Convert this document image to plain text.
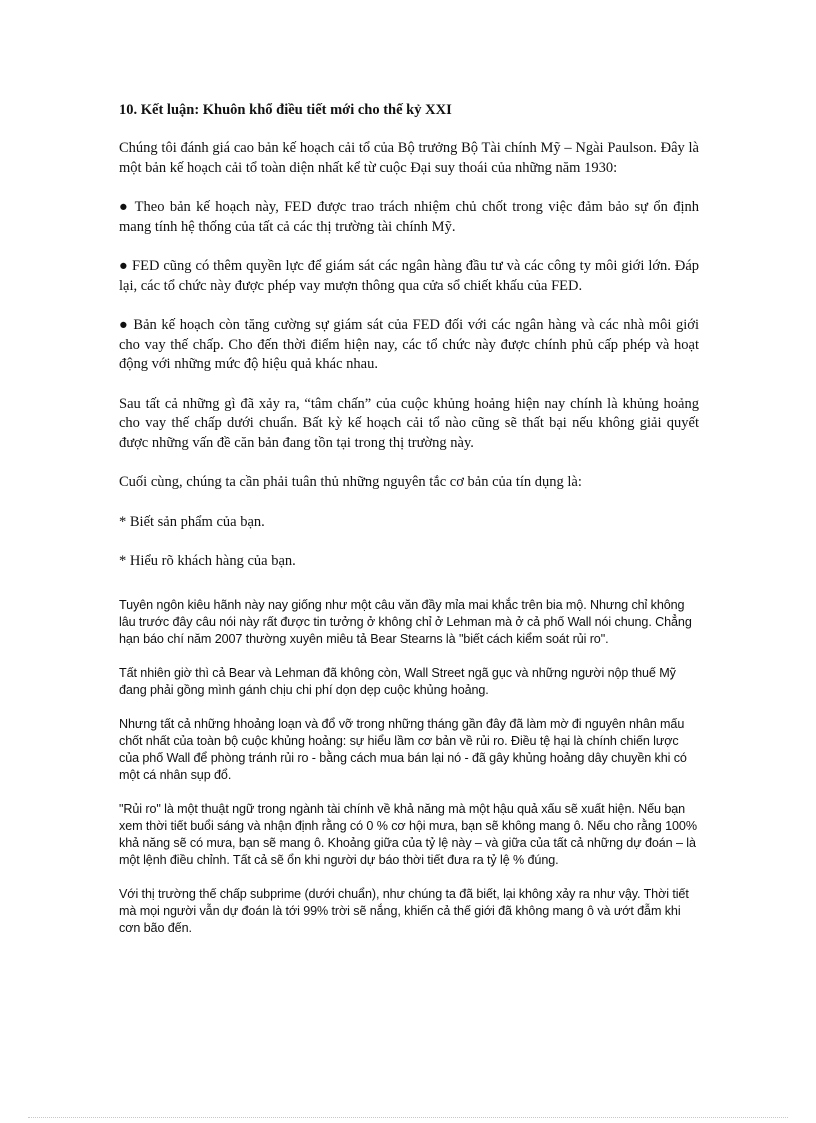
10. Kết luận: Khuôn khổ điều tiết mới cho thế kỷ XXI

Chúng tôi đánh giá cao bản kế hoạch cải tổ của Bộ trưởng Bộ Tài chính Mỹ – Ngài Paulson. Đây là một bản kế hoạch cải tổ toàn diện nhất kể từ cuộc Đại suy thoái của những năm 1930:

● Theo bản kế hoạch này, FED được trao trách nhiệm chủ chốt trong việc đảm bảo sự ổn định mang tính hệ thống của tất cả các thị trường tài chính Mỹ.

● FED cũng có thêm quyền lực để giám sát các ngân hàng đầu tư và các công ty môi giới lớn. Đáp lại, các tổ chức này được phép vay mượn thông qua cửa sổ chiết khấu của FED.

● Bản kế hoạch còn tăng cường sự giám sát của FED đối với các ngân hàng và các nhà môi giới cho vay thế chấp. Cho đến thời điểm hiện nay, các tổ chức này được chính phủ cấp phép và hoạt động với những mức độ hiệu quả khác nhau.

Sau tất cả những gì đã xảy ra, “tâm chấn” của cuộc khủng hoảng hiện nay chính là khủng hoảng cho vay thế chấp dưới chuẩn. Bất kỳ kế hoạch cải tổ nào cũng sẽ thất bại nếu không giải quyết được những vấn đề căn bản đang tồn tại trong thị trường này.

Cuối cùng, chúng ta cần phải tuân thủ những nguyên tắc cơ bản của tín dụng là:

* Biết sản phẩm của bạn.

* Hiểu rõ khách hàng của bạn.

Tuyên ngôn kiêu hãnh này nay giống như một câu văn đầy mỉa mai khắc trên bia mộ. Nhưng chỉ không lâu trước đây câu nói này rất được tin tưởng ở không chỉ ở Lehman mà ở cả phố Wall nói chung. Chẳng hạn báo chí năm 2007 thường xuyên miêu tả Bear Stearns là "biết cách kiểm soát rủi ro".

Tất nhiên giờ thì cả Bear và Lehman đã không còn, Wall Street ngã gục và những người nộp thuế Mỹ đang phải gồng mình gánh chịu chi phí dọn dẹp cuộc khủng hoảng.

Nhưng tất cả những hhoảng loạn và đổ vỡ trong những tháng gần đây đã làm mờ đi nguyên nhân mấu chốt nhất của toàn bộ cuộc khủng hoảng: sự hiểu lầm cơ bản về rủi ro. Điều tệ hại là chính chiến lược của phố Wall để phòng tránh rủi ro - bằng cách mua bán lại nó - đã gây khủng hoảng dây chuyền khi có một cá nhân sụp đổ.

"Rủi ro" là một thuật ngữ trong ngành tài chính về khả năng mà một hậu quả xấu sẽ xuất hiện. Nếu bạn xem thời tiết buổi sáng và nhận định rằng có 0 % cơ hội mưa, bạn sẽ không mang ô. Nếu cho rằng 100% khả năng sẽ có mưa, bạn sẽ mang ô. Khoảng giữa của tỷ lệ này – và giữa của tất cả những dự đoán – là một lệnh điều chỉnh. Tất cả sẽ ổn khi người dự báo thời tiết đưa ra tỷ lệ % đúng.

Với thị trường thế chấp subprime (dưới chuẩn), như chúng ta đã biết, lại không xảy ra như vậy. Thời tiết mà mọi người vẫn dự đoán là tới 99% trời sẽ nắng, khiến cả thế giới đã không mang ô và ướt đẫm khi cơn bão đến.
